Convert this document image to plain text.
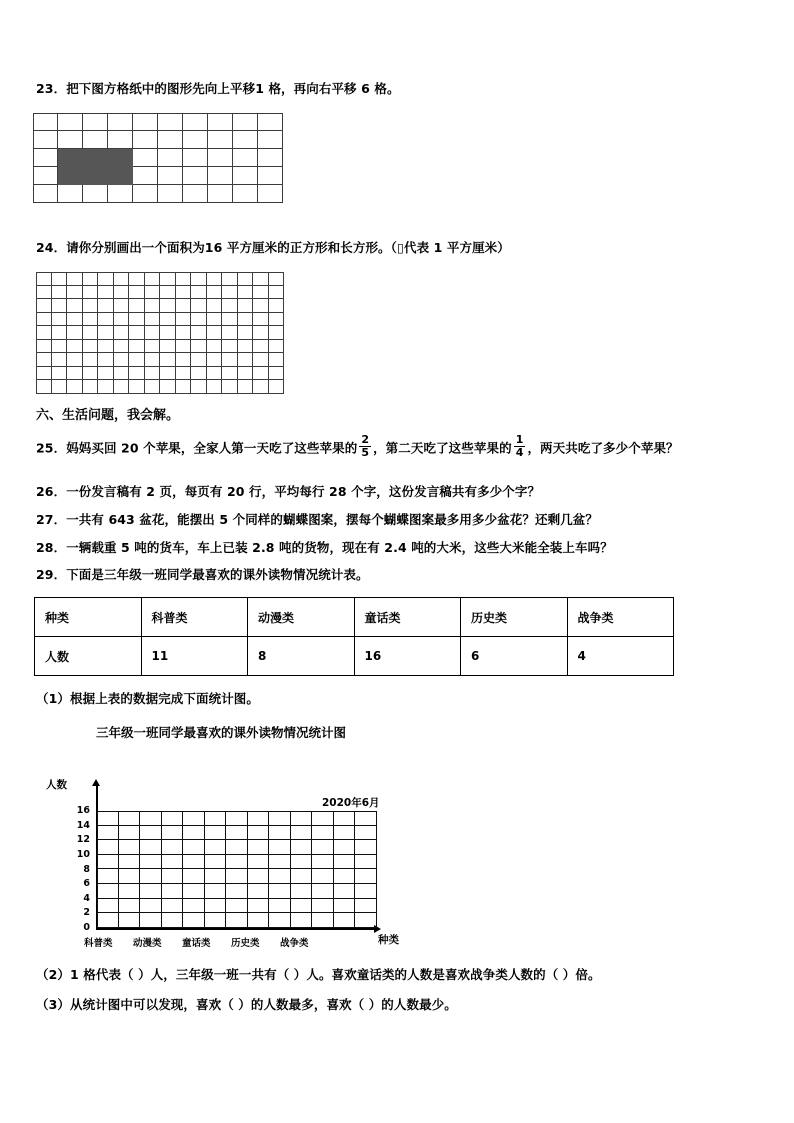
23．把下图方格纸中的图形先向上平移1 格，再向右平移 6 格。
24．请你分别画出一个面积为16 平方厘米的正方形和长方形。（▯代表 1 平方厘米）
六、生活问题，我会解。
25．妈妈买回 20 个苹果，全家人第一天吃了这些苹果的 $\frac{2}{5}$ ，第二天吃了这些苹果的 $\frac{1}{4}$ ，两天共吃了多少个苹果？
26．一份发言稿有 2 页，每页有 20 行，平均每行 28 个字，这份发言稿共有多少个字？
27．一共有 643 盆花，能摆出 5 个同样的蝴蝶图案，摆每个蝴蝶图案最多用多少盆花？还剩几盆？
28．一辆载重 5 吨的货车，车上已装 2.8 吨的货物，现在有 2.4 吨的大米，这些大米能全装上车吗？
29．下面是三年级一班同学最喜欢的课外读物情况统计表。
种类	科普类	动漫类	童话类	历史类	战争类
人数	11	8	16	6	4
（1）根据上表的数据完成下面统计图。
三年级一班同学最喜欢的课外读物情况统计图
人数
2020年6月
种类
0
2
4
6
8
10
12
14
16
科普类 动漫类 童话类 历史类 战争类
（2）1 格代表（ ）人，三年级一班一共有（ ）人。喜欢童话类的人数是喜欢战争类人数的（ ）倍。
（3）从统计图中可以发现，喜欢（ ）的人数最多，喜欢（ ）的人数最少。
